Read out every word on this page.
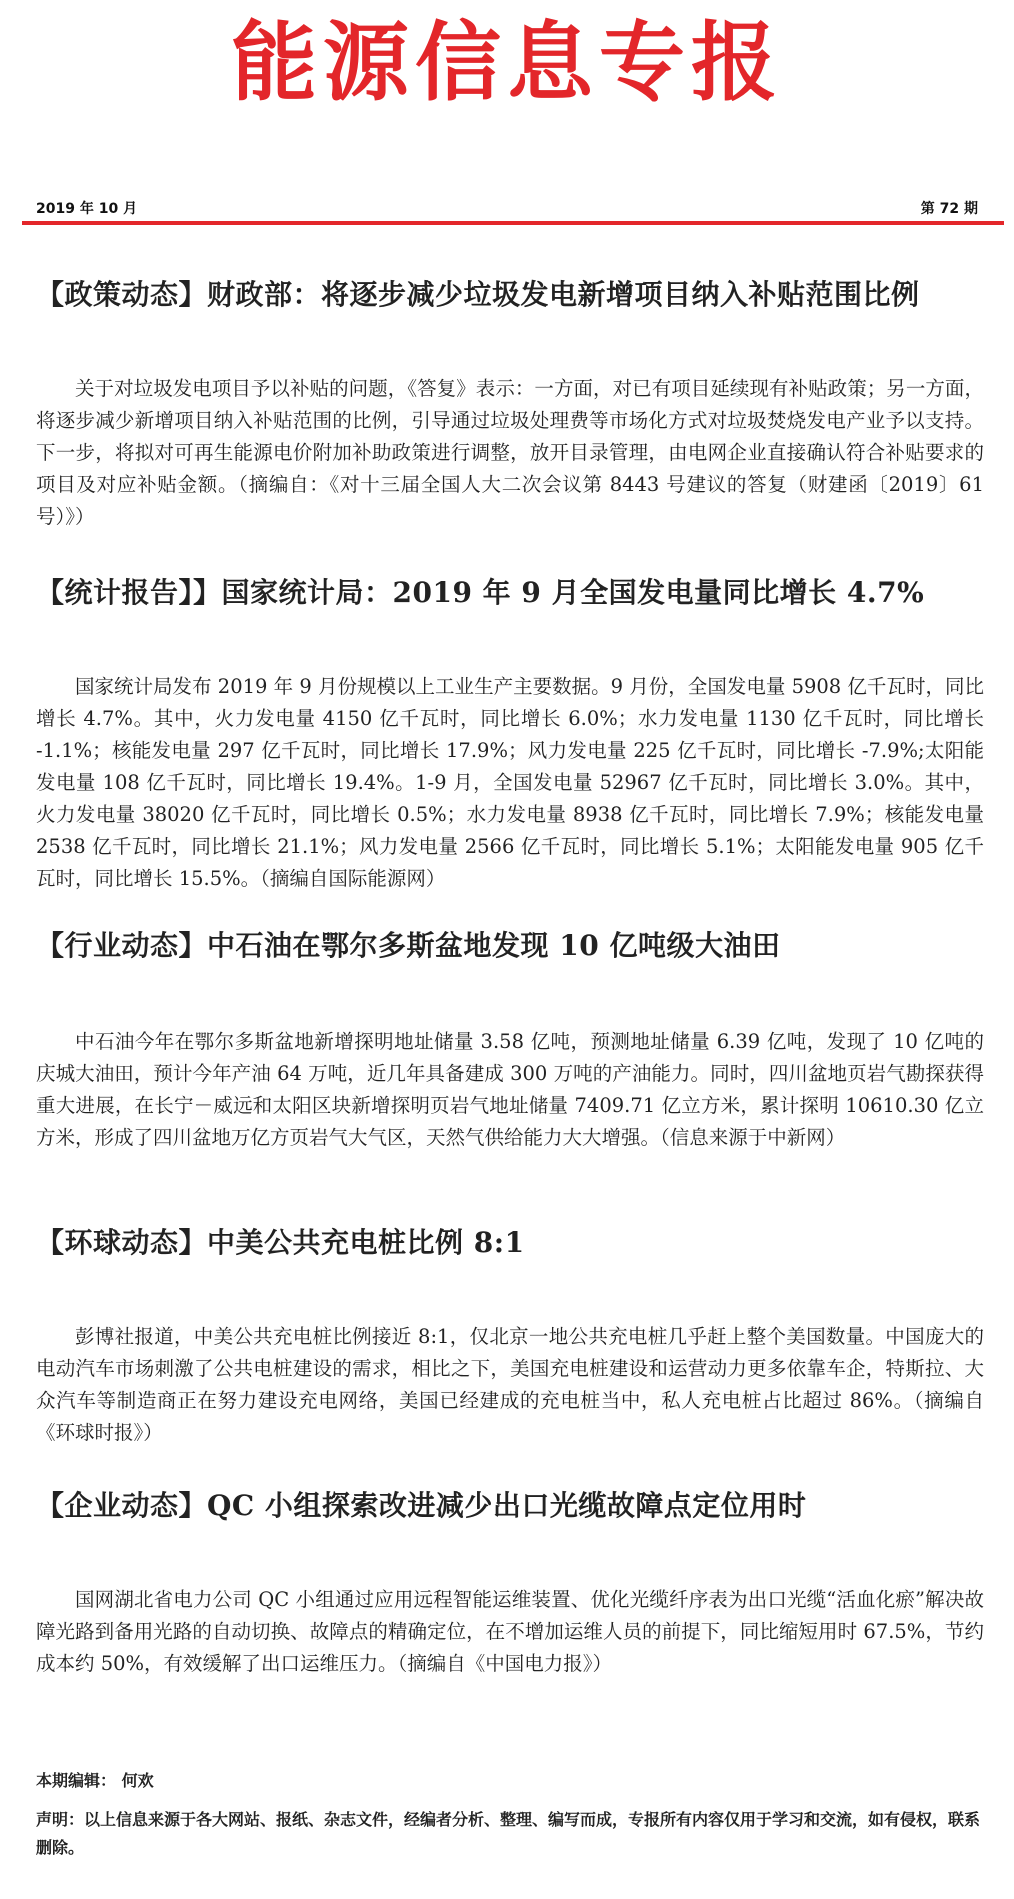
能源信息专报
2019 年 10 月	第 72 期
【政策动态】财政部：将逐步减少垃圾发电新增项目纳入补贴范围比例

关于对垃圾发电项目予以补贴的问题，《答复》表示：一方面，对已有项目延续现有补贴政策；另一方面，将逐步减少新增项目纳入补贴范围的比例，引导通过垃圾处理费等市场化方式对垃圾焚烧发电产业予以支持。下一步，将拟对可再生能源电价附加补助政策进行调整，放开目录管理，由电网企业直接确认符合补贴要求的项目及对应补贴金额。（摘编自：《对十三届全国人大二次会议第 8443 号建议的答复（财建函〔2019〕61 号）》）

【统计报告】】国家统计局：2019 年 9 月全国发电量同比增长 4.7%

国家统计局发布 2019 年 9 月份规模以上工业生产主要数据。9 月份，全国发电量 5908 亿千瓦时，同比增长 4.7%。其中，火力发电量 4150 亿千瓦时，同比增长 6.0%；水力发电量 1130 亿千瓦时，同比增长 -1.1%；核能发电量 297 亿千瓦时，同比增长 17.9%；风力发电量 225 亿千瓦时，同比增长 -7.9%;太阳能发电量 108 亿千瓦时，同比增长 19.4%。1-9 月，全国发电量 52967 亿千瓦时，同比增长 3.0%。其中，火力发电量 38020 亿千瓦时，同比增长 0.5%；水力发电量 8938 亿千瓦时，同比增长 7.9%；核能发电量 2538 亿千瓦时，同比增长 21.1%；风力发电量 2566 亿千瓦时，同比增长 5.1%；太阳能发电量 905 亿千瓦时，同比增长 15.5%。（摘编自国际能源网）

【行业动态】中石油在鄂尔多斯盆地发现 10 亿吨级大油田

中石油今年在鄂尔多斯盆地新增探明地址储量 3.58 亿吨，预测地址储量 6.39 亿吨，发现了 10 亿吨的庆城大油田，预计今年产油 64 万吨，近几年具备建成 300 万吨的产油能力。同时，四川盆地页岩气勘探获得重大进展，在长宁－威远和太阳区块新增探明页岩气地址储量 7409.71 亿立方米，累计探明 10610.30 亿立方米，形成了四川盆地万亿方页岩气大气区，天然气供给能力大大增强。（信息来源于中新网）

【环球动态】中美公共充电桩比例 8:1

彭博社报道，中美公共充电桩比例接近 8:1，仅北京一地公共充电桩几乎赶上整个美国数量。中国庞大的电动汽车市场刺激了公共电桩建设的需求，相比之下，美国充电桩建设和运营动力更多依靠车企，特斯拉、大众汽车等制造商正在努力建设充电网络，美国已经建成的充电桩当中，私人充电桩占比超过 86%。（摘编自《环球时报》）

【企业动态】QC 小组探索改进减少出口光缆故障点定位用时

国网湖北省电力公司 QC 小组通过应用远程智能运维装置、优化光缆纤序表为出口光缆“活血化瘀”解决故障光路到备用光路的自动切换、故障点的精确定位，在不增加运维人员的前提下，同比缩短用时 67.5%，节约成本约 50%，有效缓解了出口运维压力。（摘编自《中国电力报》）

本期编辑： 何欢
声明：以上信息来源于各大网站、报纸、杂志文件，经编者分析、整理、编写而成，专报所有内容仅用于学习和交流，如有侵权，联系删除。
